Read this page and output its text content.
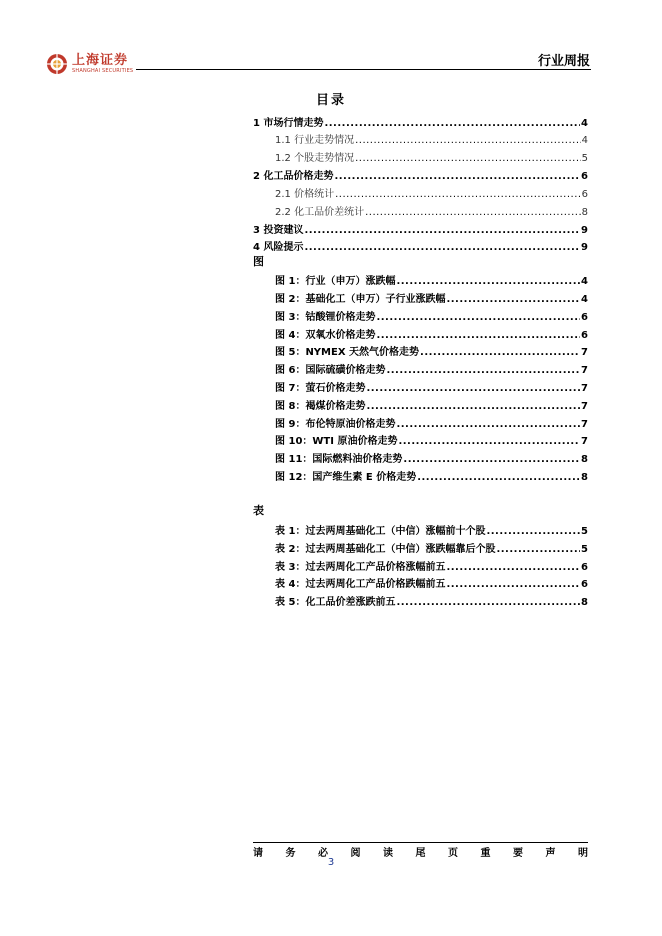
上海证券
SHANGHAI SECURITIES
行业周报
目录
1 市场行情走势 .....	4
1.1 行业走势情况 .....	4
1.2 个股走势情况 .....	5
2 化工品价格走势 .....	6
2.1 价格统计 .....	6
2.2 化工品价差统计 .....	8
3 投资建议 .....	9
4 风险提示 .....	9
图
图 1：行业（申万）涨跌幅 .....	4
图 2：基础化工（申万）子行业涨跌幅 .....	4
图 3：钴酸锂价格走势 .....	6
图 4：双氧水价格走势 .....	6
图 5：NYMEX 天然气价格走势 .....	7
图 6：国际硫磺价格走势 .....	7
图 7：萤石价格走势 .....	7
图 8：褐煤价格走势 .....	7
图 9：布伦特原油价格走势 .....	7
图 10：WTI 原油价格走势 .....	7
图 11：国际燃料油价格走势 .....	8
图 12：国产维生素 E 价格走势 .....	8
表
表 1：过去两周基础化工（中信）涨幅前十个股 .....	5
表 2：过去两周基础化工（中信）涨跌幅靠后个股 .....	5
表 3：过去两周化工产品价格涨幅前五 .....	6
表 4：过去两周化工产品价格跌幅前五 .....	6
表 5：化工品价差涨跌前五 .....	8
请 务 必 阅 读 尾 页 重 要 声 明
3
